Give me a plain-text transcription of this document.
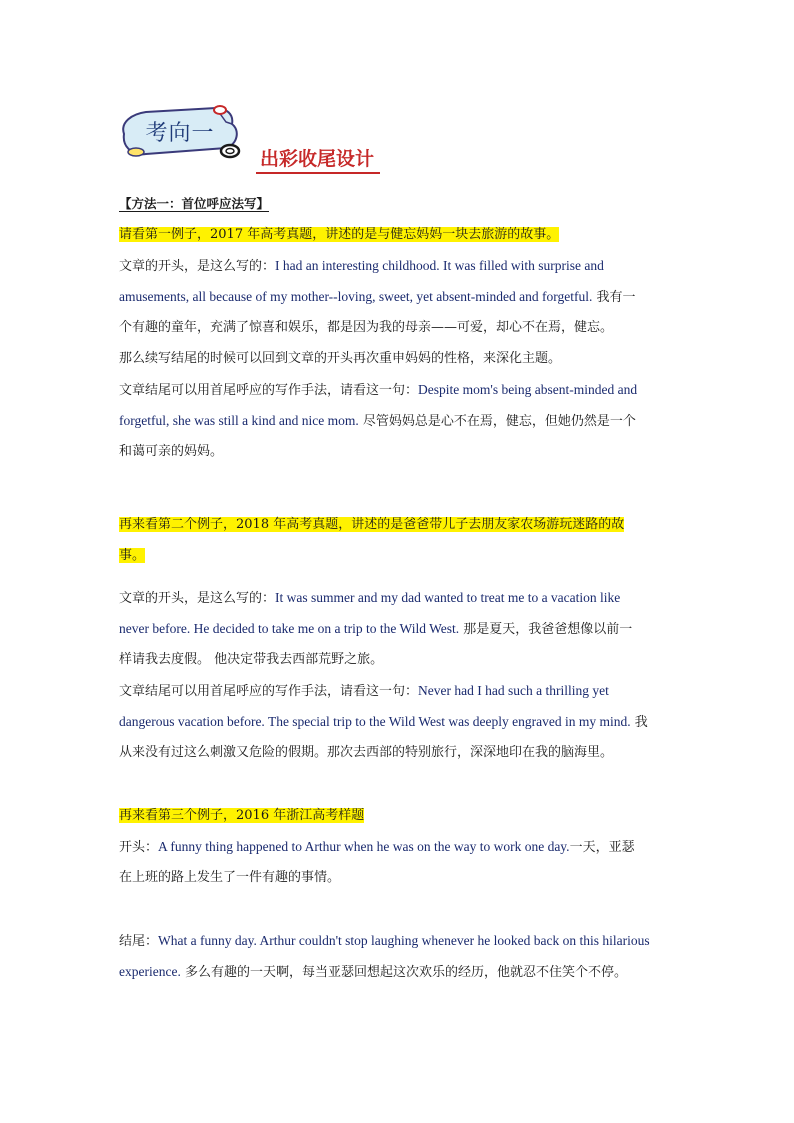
考向一
出彩收尾设计
【方法一：首位呼应法写】
请看第一例子，2017 年高考真题，讲述的是与健忘妈妈一块去旅游的故事。
文章的开头，是这么写的：I had an interesting childhood. It was filled with surprise and
amusements, all because of my mother--loving, sweet, yet absent-minded and forgetful. 我有一
个有趣的童年，充满了惊喜和娱乐，都是因为我的母亲——可爱，却心不在焉，健忘。
那么续写结尾的时候可以回到文章的开头再次重申妈妈的性格，来深化主题。
文章结尾可以用首尾呼应的写作手法，请看这一句：Despite mom's being absent-minded and
forgetful, she was still a kind and nice mom. 尽管妈妈总是心不在焉，健忘，但她仍然是一个
和蔼可亲的妈妈。
再来看第二个例子，2018 年高考真题，讲述的是爸爸带儿子去朋友家农场游玩迷路的故
事。
文章的开头，是这么写的：It was summer and my dad wanted to treat me to a vacation like
never before. He decided to take me on a trip to the Wild West. 那是夏天，我爸爸想像以前一
样请我去度假。 他决定带我去西部荒野之旅。
文章结尾可以用首尾呼应的写作手法，请看这一句：Never had I had such a thrilling yet
dangerous vacation before. The special trip to the Wild West was deeply engraved in my mind. 我
从来没有过这么刺激又危险的假期。那次去西部的特别旅行，深深地印在我的脑海里。
再来看第三个例子，2016 年浙江高考样题
开头：A funny thing happened to Arthur when he was on the way to work one day.一天，亚瑟
在上班的路上发生了一件有趣的事情。
结尾：What a funny day. Arthur couldn't stop laughing whenever he looked back on this hilarious
experience. 多么有趣的一天啊，每当亚瑟回想起这次欢乐的经历，他就忍不住笑个不停。
